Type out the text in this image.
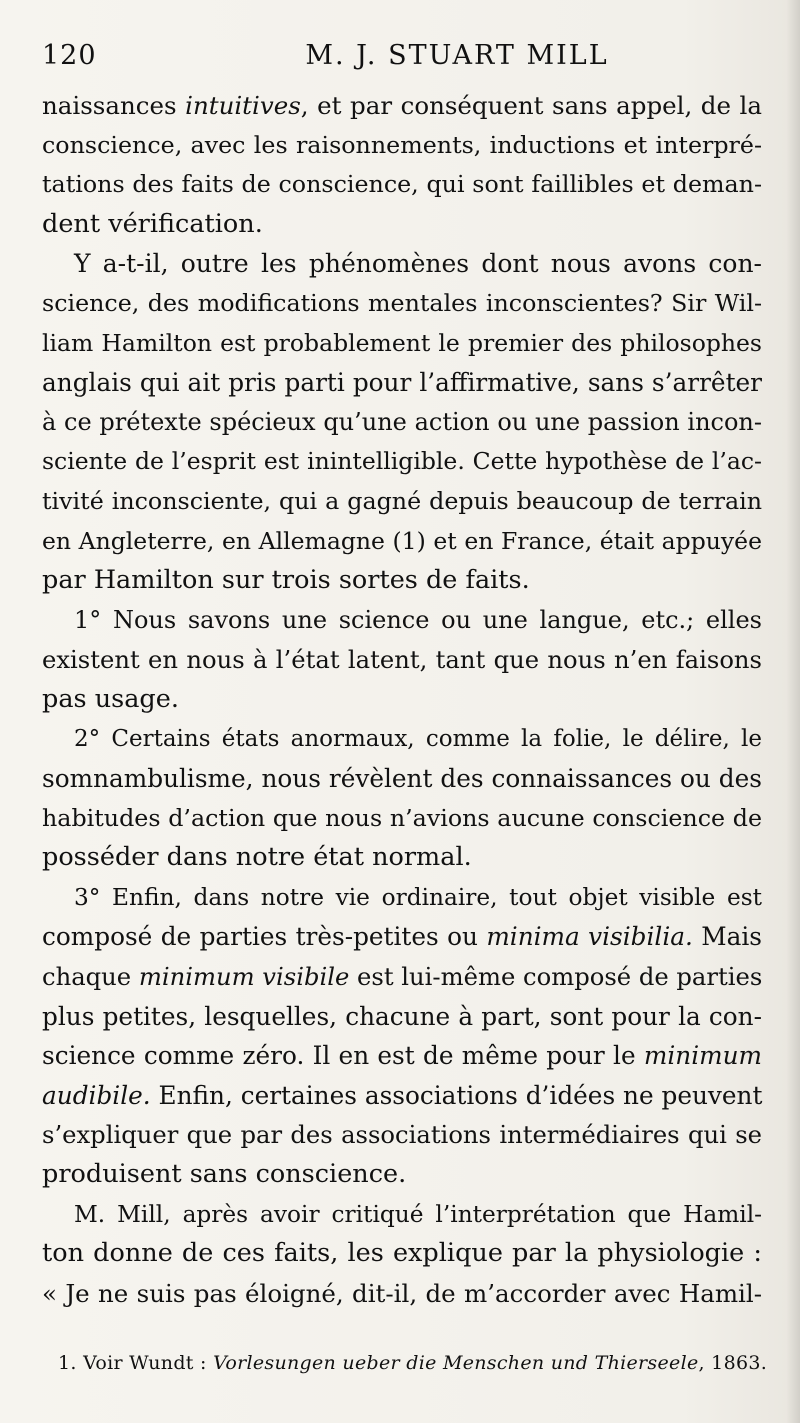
120	M. J. STUART MILL
naissances intuitives, et par conséquent sans appel, de la
conscience, avec les raisonnements, inductions et interpré-
tations des faits de conscience, qui sont faillibles et deman-
dent vérification.
Y a-t-il, outre les phénomènes dont nous avons con-
science, des modifications mentales inconscientes? Sir Wil-
liam Hamilton est probablement le premier des philosophes
anglais qui ait pris parti pour l’affirmative, sans s’arrêter
à ce prétexte spécieux qu’une action ou une passion incon-
sciente de l’esprit est inintelligible. Cette hypothèse de l’ac-
tivité inconsciente, qui a gagné depuis beaucoup de terrain
en Angleterre, en Allemagne (1) et en France, était appuyée
par Hamilton sur trois sortes de faits.
1° Nous savons une science ou une langue, etc.; elles
existent en nous à l’état latent, tant que nous n’en faisons
pas usage.
2° Certains états anormaux, comme la folie, le délire, le
somnambulisme, nous révèlent des connaissances ou des
habitudes d’action que nous n’avions aucune conscience de
posséder dans notre état normal.
3° Enfin, dans notre vie ordinaire, tout objet visible est
composé de parties très-petites ou minima visibilia. Mais
chaque minimum visibile est lui-même composé de parties
plus petites, lesquelles, chacune à part, sont pour la con-
science comme zéro. Il en est de même pour le minimum
audibile. Enfin, certaines associations d’idées ne peuvent
s’expliquer que par des associations intermédiaires qui se
produisent sans conscience.
M. Mill, après avoir critiqué l’interprétation que Hamil-
ton donne de ces faits, les explique par la physiologie :
« Je ne suis pas éloigné, dit-il, de m’accorder avec Hamil-
1. Voir Wundt : Vorlesungen ueber die Menschen und Thierseele, 1863.
